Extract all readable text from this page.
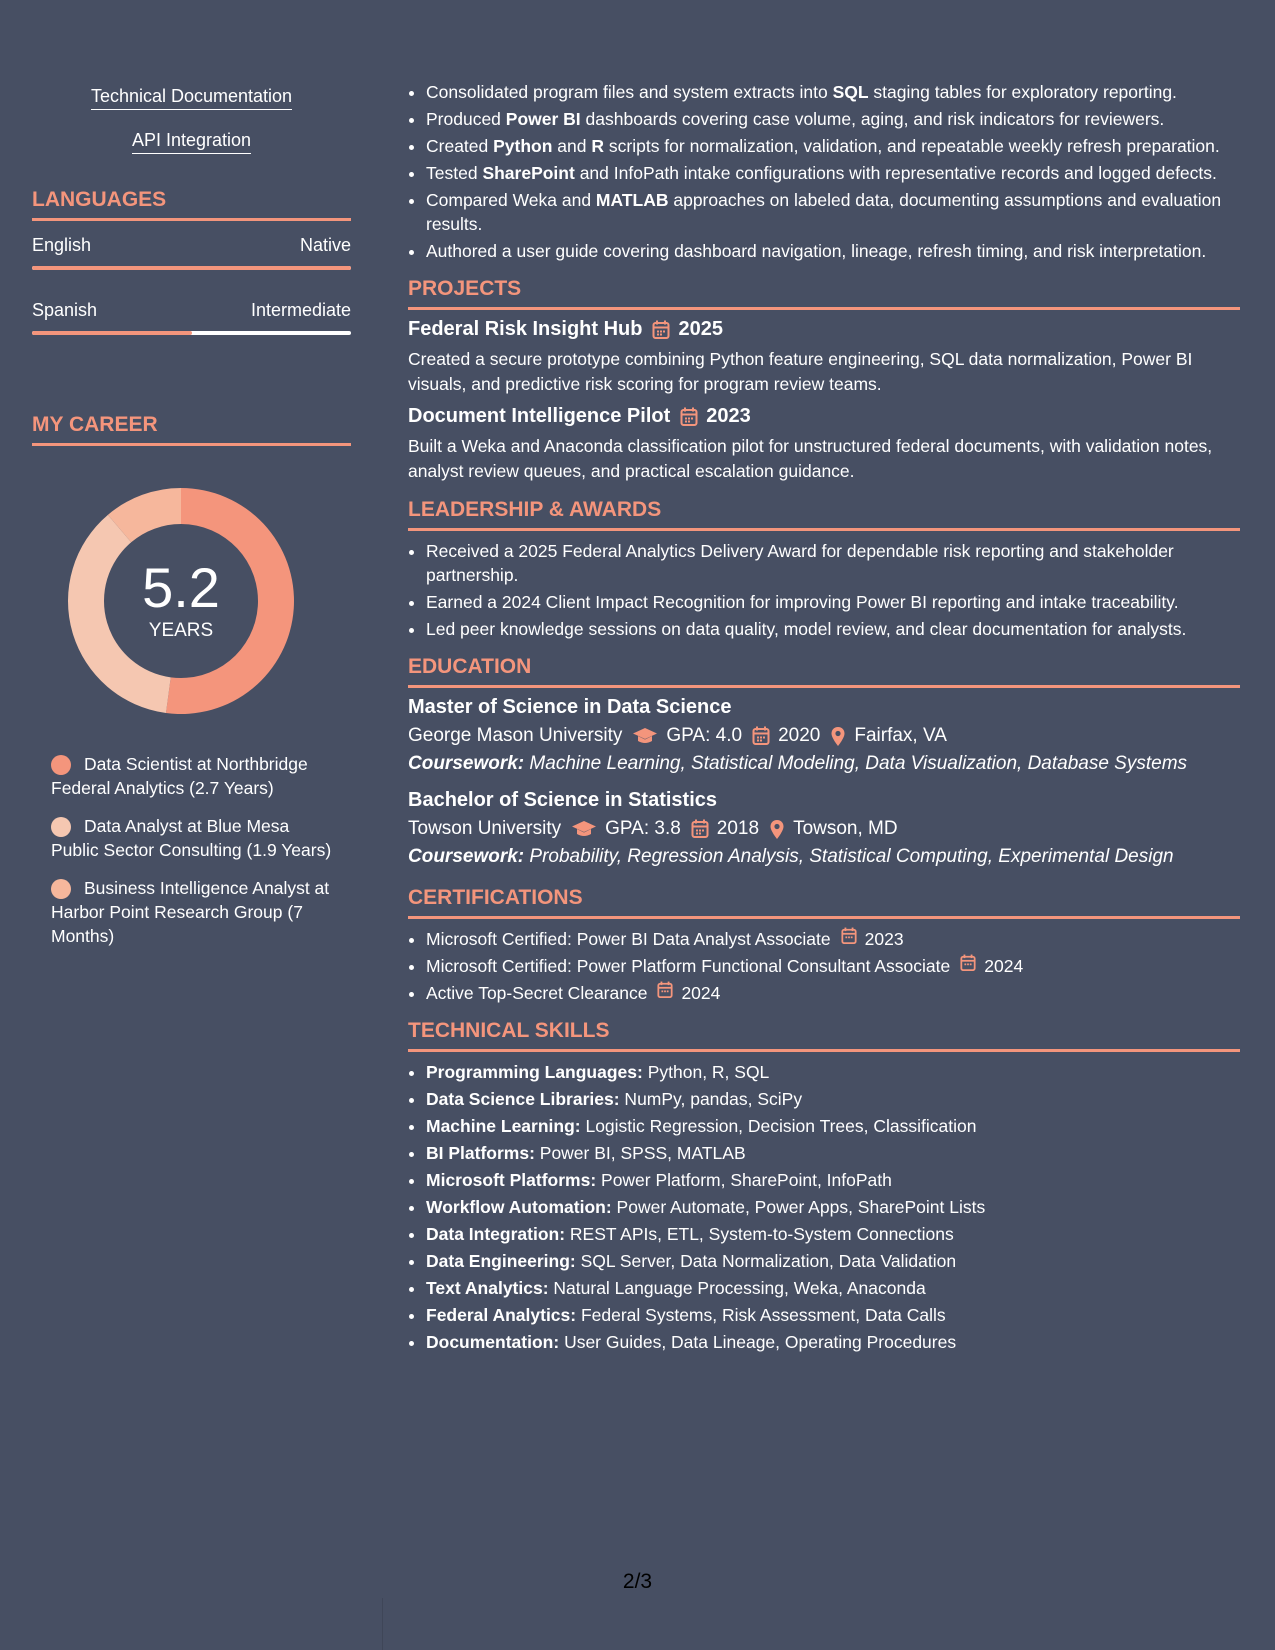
Technical Documentation
API Integration
LANGUAGES
English	Native
Spanish	Intermediate
MY CAREER
5.2
YEARS
Data Scientist at Northbridge Federal Analytics (2.7 Years)
Data Analyst at Blue Mesa Public Sector Consulting (1.9 Years)
Business Intelligence Analyst at Harbor Point Research Group (7 Months)
• Consolidated program files and system extracts into SQL staging tables for exploratory reporting.
• Produced Power BI dashboards covering case volume, aging, and risk indicators for reviewers.
• Created Python and R scripts for normalization, validation, and repeatable weekly refresh preparation.
• Tested SharePoint and InfoPath intake configurations with representative records and logged defects.
• Compared Weka and MATLAB approaches on labeled data, documenting assumptions and evaluation results.
• Authored a user guide covering dashboard navigation, lineage, refresh timing, and risk interpretation.
PROJECTS
Federal Risk Insight Hub 2025
Created a secure prototype combining Python feature engineering, SQL data normalization, Power BI visuals, and predictive risk scoring for program review teams.
Document Intelligence Pilot 2023
Built a Weka and Anaconda classification pilot for unstructured federal documents, with validation notes, analyst review queues, and practical escalation guidance.
LEADERSHIP & AWARDS
• Received a 2025 Federal Analytics Delivery Award for dependable risk reporting and stakeholder partnership.
• Earned a 2024 Client Impact Recognition for improving Power BI reporting and intake traceability.
• Led peer knowledge sessions on data quality, model review, and clear documentation for analysts.
EDUCATION
Master of Science in Data Science
George Mason University GPA: 4.0 2020 Fairfax, VA
Coursework: Machine Learning, Statistical Modeling, Data Visualization, Database Systems
Bachelor of Science in Statistics
Towson University GPA: 3.8 2018 Towson, MD
Coursework: Probability, Regression Analysis, Statistical Computing, Experimental Design
CERTIFICATIONS
• Microsoft Certified: Power BI Data Analyst Associate 2023
• Microsoft Certified: Power Platform Functional Consultant Associate 2024
• Active Top-Secret Clearance 2024
TECHNICAL SKILLS
• Programming Languages: Python, R, SQL
• Data Science Libraries: NumPy, pandas, SciPy
• Machine Learning: Logistic Regression, Decision Trees, Classification
• BI Platforms: Power BI, SPSS, MATLAB
• Microsoft Platforms: Power Platform, SharePoint, InfoPath
• Workflow Automation: Power Automate, Power Apps, SharePoint Lists
• Data Integration: REST APIs, ETL, System-to-System Connections
• Data Engineering: SQL Server, Data Normalization, Data Validation
• Text Analytics: Natural Language Processing, Weka, Anaconda
• Federal Analytics: Federal Systems, Risk Assessment, Data Calls
• Documentation: User Guides, Data Lineage, Operating Procedures
2/3
